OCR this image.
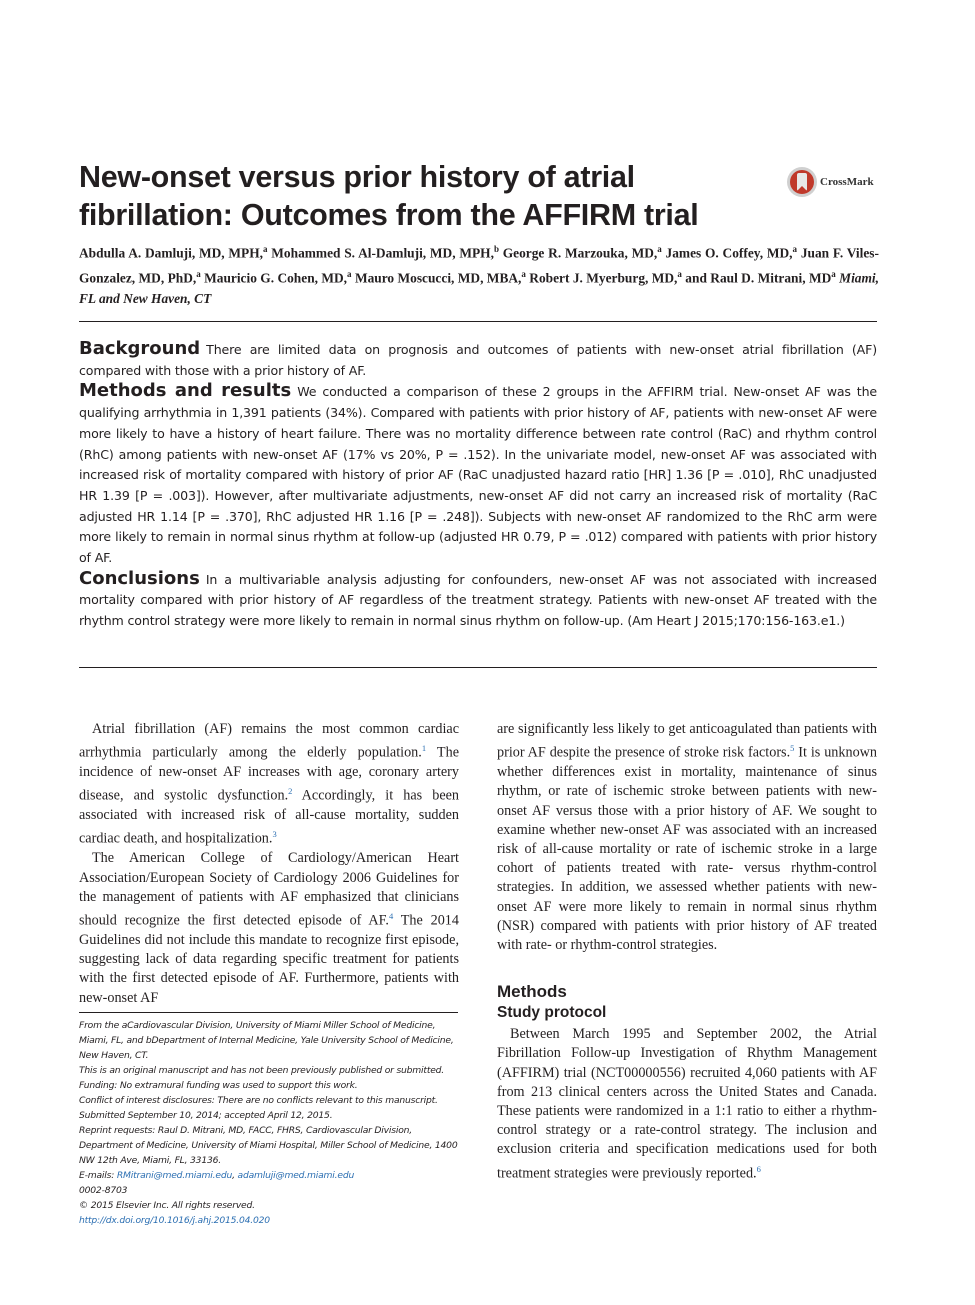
New-onset versus prior history of atrial fibrillation: Outcomes from the AFFIRM trial
CrossMark
Abdulla A. Damluji, MD, MPH,$^a$ Mohammed S. Al-Damluji, MD, MPH,$^b$ George R. Marzouka, MD,$^a$ James O. Coffey, MD,$^a$ Juan F. Viles-Gonzalez, MD, PhD,$^a$ Mauricio G. Cohen, MD,$^a$ Mauro Moscucci, MD, MBA,$^a$ Robert J. Myerburg, MD,$^a$ and Raul D. Mitrani, $MD^a$ Miami, FL and New Haven, CT

Background There are limited data on prognosis and outcomes of patients with new-onset atrial fibrillation (AF) compared with those with a prior history of AF.

Methods and results We conducted a comparison of these 2 groups in the AFFIRM trial. New-onset AF was the qualifying arrhythmia in 1,391 patients (34%). Compared with patients with prior history of AF, patients with new-onset AF were more likely to have a history of heart failure. There was no mortality difference between rate control (RaC) and rhythm control (RhC) among patients with new-onset AF (17% vs 20%, P = .152). In the univariate model, new-onset AF was associated with increased risk of mortality compared with history of prior AF (RaC unadjusted hazard ratio [HR] 1.36 [P = .010], RhC unadjusted HR 1.39 [P = .003]). However, after multivariate adjustments, new-onset AF did not carry an increased risk of mortality (RaC adjusted HR 1.14 [P = .370], RhC adjusted HR 1.16 [P = .248]). Subjects with new-onset AF randomized to the RhC arm were more likely to remain in normal sinus rhythm at follow-up (adjusted HR 0.79, P = .012) compared with patients with prior history of AF.

Conclusions In a multivariable analysis adjusting for confounders, new-onset AF was not associated with increased mortality compared with prior history of AF regardless of the treatment strategy. Patients with new-onset AF treated with the rhythm control strategy were more likely to remain in normal sinus rhythm on follow-up. (Am Heart J 2015;170:156-163.e1.)

Atrial fibrillation (AF) remains the most common cardiac arrhythmia particularly among the elderly population.$^1$ The incidence of new-onset AF increases with age, coronary artery disease, and systolic dysfunction.$^2$ Accordingly, it has been associated with increased risk of all-cause mortality, sudden cardiac death, and hospitalization.$^3$

The American College of Cardiology/American Heart Association/European Society of Cardiology 2006 Guidelines for the management of patients with AF emphasized that clinicians should recognize the first detected episode of AF.$^4$ The 2014 Guidelines did not include this mandate to recognize first episode, suggesting lack of data regarding specific treatment for patients with the first detected episode of AF. Furthermore, patients with new-onset AF

are significantly less likely to get anticoagulated than patients with prior AF despite the presence of stroke risk factors.$^5$ It is unknown whether differences exist in mortality, maintenance of sinus rhythm, or rate of ischemic stroke between patients with new-onset AF versus those with a prior history of AF. We sought to examine whether new-onset AF was associated with an increased risk of all-cause mortality or rate of ischemic stroke in a large cohort of patients treated with rate- versus rhythm-control strategies. In addition, we assessed whether patients with new-onset AF were more likely to remain in normal sinus rhythm (NSR) compared with patients with prior history of AF treated with rate- or rhythm-control strategies.

Methods
Study protocol

Between March 1995 and September 2002, the Atrial Fibrillation Follow-up Investigation of Rhythm Management (AFFIRM) trial (NCT00000556) recruited 4,060 patients with AF from 213 clinical centers across the United States and Canada. These patients were randomized in a 1:1 ratio to either a rhythm-control strategy or a rate-control strategy. The inclusion and exclusion criteria and specification medications used for both treatment strategies were previously reported.$^6$

From the aCardiovascular Division, University of Miami Miller School of Medicine, Miami, FL, and bDepartment of Internal Medicine, Yale University School of Medicine, New Haven, CT.
This is an original manuscript and has not been previously published or submitted.
Funding: No extramural funding was used to support this work.
Conflict of interest disclosures: There are no conflicts relevant to this manuscript.
Submitted September 10, 2014; accepted April 12, 2015.
Reprint requests: Raul D. Mitrani, MD, FACC, FHRS, Cardiovascular Division, Department of Medicine, University of Miami Hospital, Miller School of Medicine, 1400 NW 12th Ave, Miami, FL, 33136.
E-mails: RMitrani@med.miami.edu, adamluji@med.miami.edu
0002-8703
© 2015 Elsevier Inc. All rights reserved.
http://dx.doi.org/10.1016/j.ahj.2015.04.020
